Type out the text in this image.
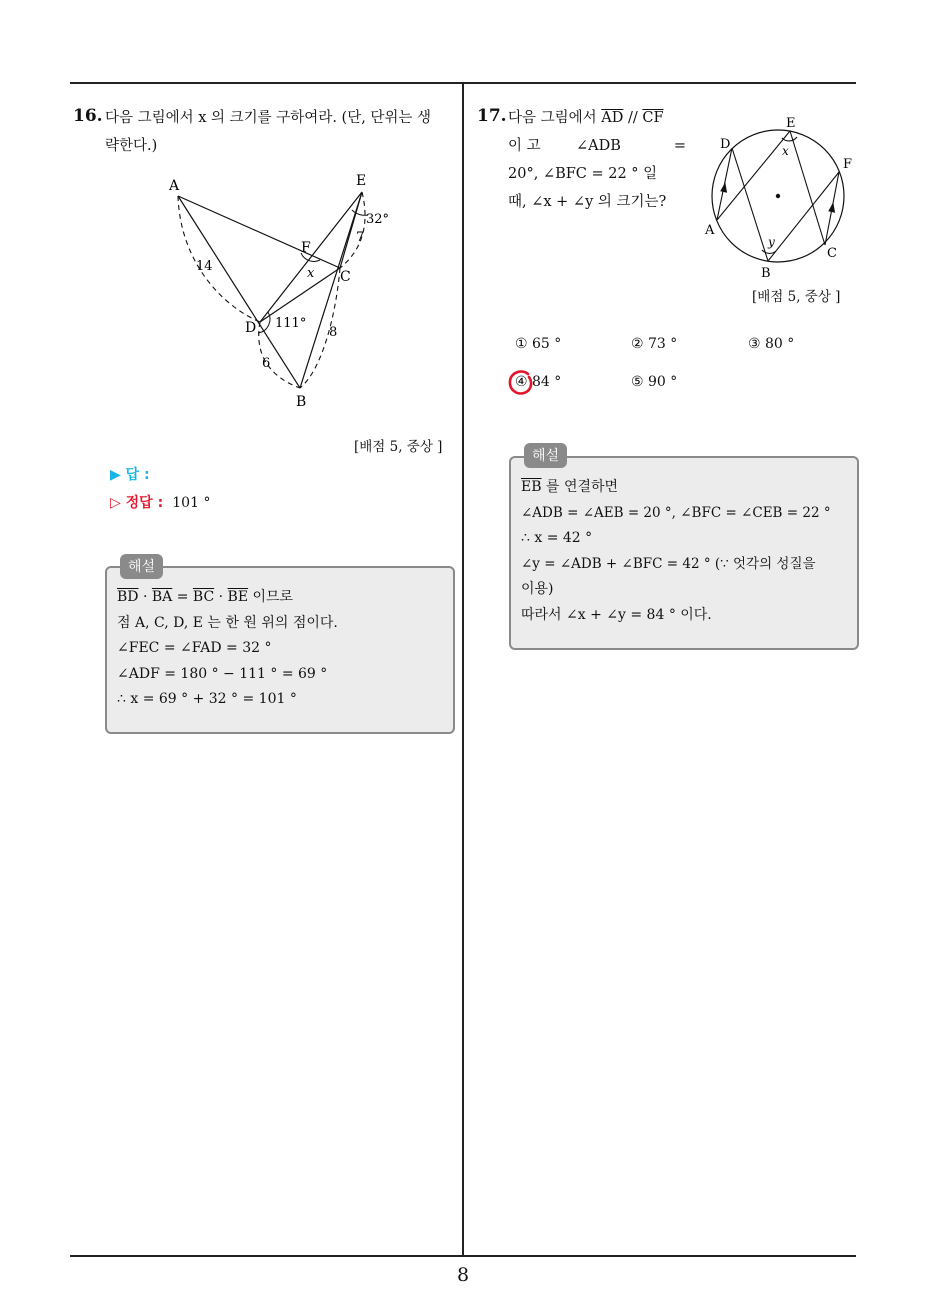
8
16. 다음 그림에서 x 의 크기를 구하여라. (단, 단위는 생
략한다.)
A	E
F
x C
D
B
14
7
8
6
32°
111°
[배점 5, 중상 ]
▶ 답 :
▷ 정답 : 101 °
해설
$\overline{BD} \cdot \overline{BA} = \overline{BC} \cdot \overline{BE}$ 이므로
점 A, C, D, E 는 한 원 위의 점이다.
∠FEC = ∠FAD = 32 °
∠ADF = 180 ° − 111 ° = 69 °
∴ x = 69 ° + 32 ° = 101 °
17. 다음 그림에서 $\overline{AD} // \overline{CF}$
이 고 ∠ADB	=
20°, ∠BFC = 22 ° 일
때, ∠x + ∠y 의 크기는?
E
D
F
A
C
B
x
y
[배점 5, 중상 ]
① 65 °	② 73 °	③ 80 °
④ 84 °	⑤ 90 °
해설
$\overline{EB}$ 를 연결하면
∠ADB = ∠AEB = 20 °, ∠BFC = ∠CEB = 22 °
∴ x = 42 °
∠y = ∠ADB + ∠BFC = 42 ° (∵ 엇각의 성질을
이용)
따라서 ∠x + ∠y = 84 ° 이다.
